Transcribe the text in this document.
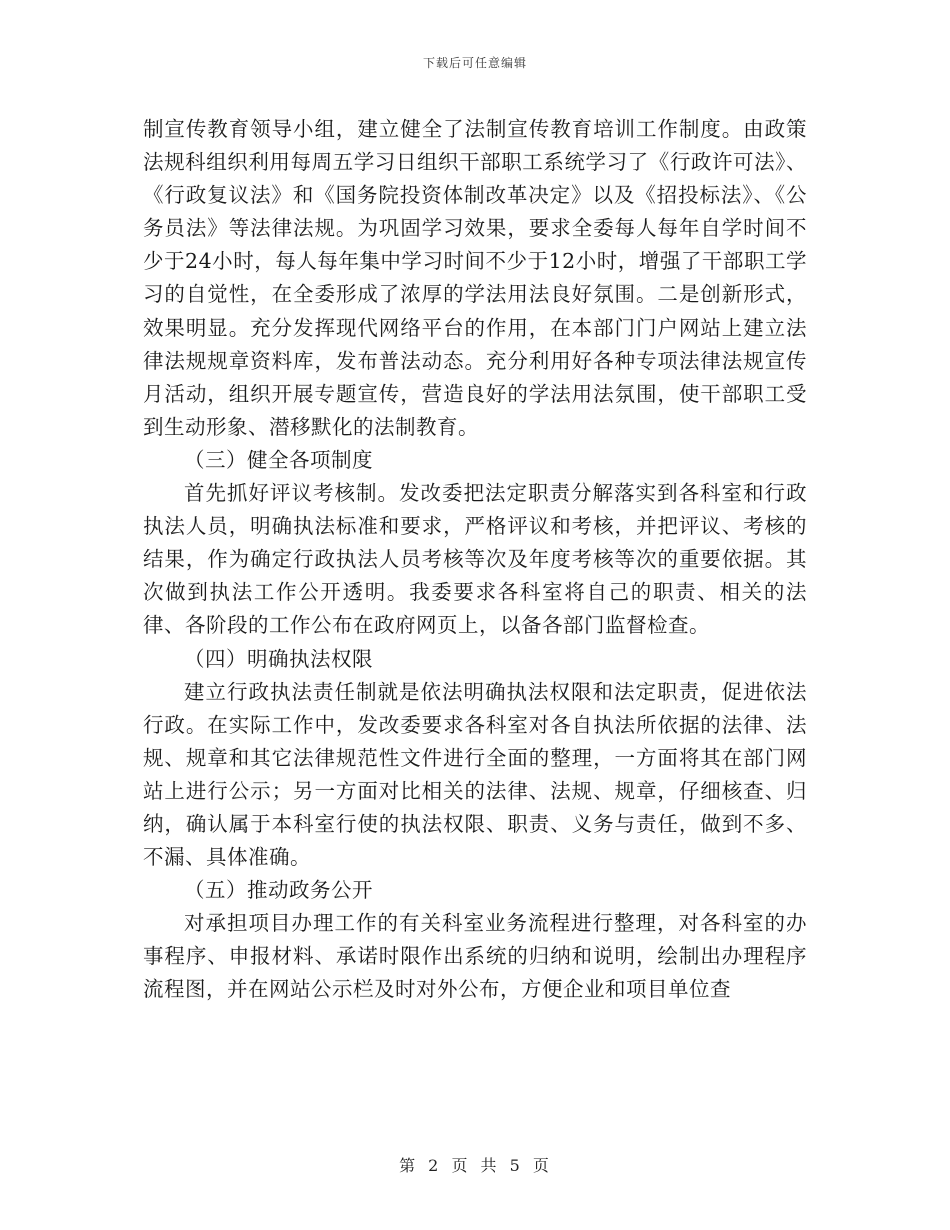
下载后可任意编辑

制宣传教育领导小组，建立健全了法制宣传教育培训工作制度。由政策法规科组织利用每周五学习日组织干部职工系统学习了《行政许可法》、《行政复议法》和《国务院投资体制改革决定》以及《招投标法》、《公务员法》等法律法规。为巩固学习效果，要求全委每人每年自学时间不少于24小时，每人每年集中学习时间不少于12小时，增强了干部职工学习的自觉性，在全委形成了浓厚的学法用法良好氛围。二是创新形式，效果明显。充分发挥现代网络平台的作用，在本部门门户网站上建立法律法规规章资料库，发布普法动态。充分利用好各种专项法律法规宣传月活动，组织开展专题宣传，营造良好的学法用法氛围，使干部职工受到生动形象、潜移默化的法制教育。

（三）健全各项制度

首先抓好评议考核制。发改委把法定职责分解落实到各科室和行政执法人员，明确执法标准和要求，严格评议和考核，并把评议、考核的结果，作为确定行政执法人员考核等次及年度考核等次的重要依据。其次做到执法工作公开透明。我委要求各科室将自己的职责、相关的法律、各阶段的工作公布在政府网页上，以备各部门监督检查。

（四）明确执法权限

建立行政执法责任制就是依法明确执法权限和法定职责，促进依法行政。在实际工作中，发改委要求各科室对各自执法所依据的法律、法规、规章和其它法律规范性文件进行全面的整理，一方面将其在部门网站上进行公示；另一方面对比相关的法律、法规、规章，仔细核查、归纳，确认属于本科室行使的执法权限、职责、义务与责任，做到不多、不漏、具体准确。

（五）推动政务公开

对承担项目办理工作的有关科室业务流程进行整理，对各科室的办事程序、申报材料、承诺时限作出系统的归纳和说明，绘制出办理程序流程图，并在网站公示栏及时对外公布，方便企业和项目单位查

第 2 页 共 5 页
